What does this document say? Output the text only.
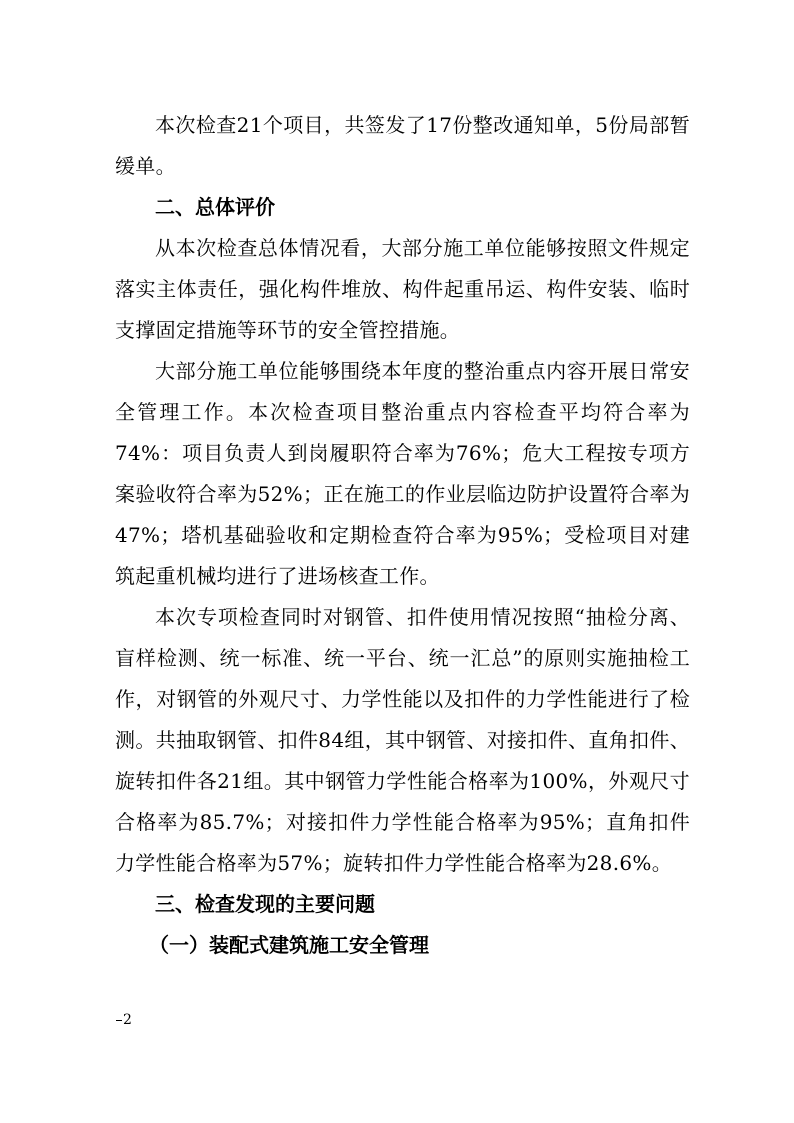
本次检查21个项目，共签发了17份整改通知单，5份局部暂缓单。

二、总体评价

从本次检查总体情况看，大部分施工单位能够按照文件规定落实主体责任，强化构件堆放、构件起重吊运、构件安装、临时支撑固定措施等环节的安全管控措施。

大部分施工单位能够围绕本年度的整治重点内容开展日常安全管理工作。本次检查项目整治重点内容检查平均符合率为74%：项目负责人到岗履职符合率为76%；危大工程按专项方案验收符合率为52%；正在施工的作业层临边防护设置符合率为47%；塔机基础验收和定期检查符合率为95%；受检项目对建筑起重机械均进行了进场核查工作。

本次专项检查同时对钢管、扣件使用情况按照“抽检分离、盲样检测、统一标准、统一平台、统一汇总”的原则实施抽检工作，对钢管的外观尺寸、力学性能以及扣件的力学性能进行了检测。共抽取钢管、扣件84组，其中钢管、对接扣件、直角扣件、旋转扣件各21组。其中钢管力学性能合格率为100%，外观尺寸合格率为85.7%；对接扣件力学性能合格率为95%；直角扣件力学性能合格率为57%；旋转扣件力学性能合格率为28.6%。

三、检查发现的主要问题

（一）装配式建筑施工安全管理

2
